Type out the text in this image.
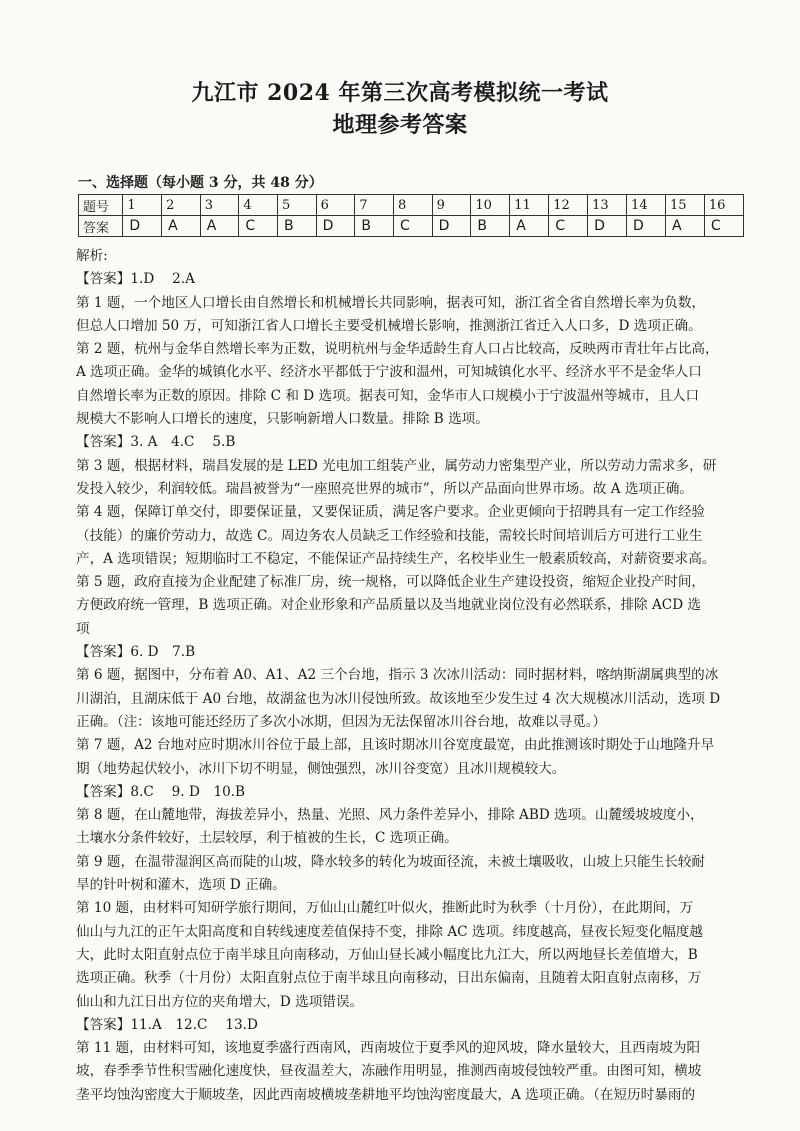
九江市 2024 年第三次高考模拟统一考试
地理参考答案
一、选择题（每小题 3 分，共 48 分）
题号	1	2	3	4	5	6	7	8	9	10	11	12	13	14	15	16
答案	D	A	A	C	B	D	B	C	D	B	A	C	D	D	A	C

解析:

【答案】1.D　 2.A

第 1 题，一个地区人口增长由自然增长和机械增长共同影响，据表可知，浙江省全省自然增长率为负数，

但总人口增加 50 万，可知浙江省人口增长主要受机械增长影响，推测浙江省迁入人口多，D 选项正确。

第 2 题，杭州与金华自然增长率为正数，说明杭州与金华适龄生育人口占比较高，反映两市青壮年占比高，

A 选项正确。金华的城镇化水平、经济水平都低于宁波和温州，可知城镇化水平、经济水平不是金华人口

自然增长率为正数的原因。排除 C 和 D 选项。据表可知，金华市人口规模小于宁波温州等城市，且人口

规模大不影响人口增长的速度，只影响新增人口数量。排除 B 选项。

【答案】3. A　4.C　 5.B

第 3 题，根据材料，瑞昌发展的是 LED 光电加工组装产业，属劳动力密集型产业，所以劳动力需求多，研

发投入较少，利润较低。瑞昌被誉为“一座照亮世界的城市”，所以产品面向世界市场。故 A 选项正确。

第 4 题，保障订单交付，即要保证量，又要保证质，满足客户要求。企业更倾向于招聘具有一定工作经验

（技能）的廉价劳动力，故选 C。周边务农人员缺乏工作经验和技能，需较长时间培训后方可进行工业生

产，A 选项错误；短期临时工不稳定，不能保证产品持续生产，名校毕业生一般素质较高，对薪资要求高。

第 5 题，政府直接为企业配建了标准厂房，统一规格，可以降低企业生产建设投资，缩短企业投产时间，

方便政府统一管理，B 选项正确。对企业形象和产品质量以及当地就业岗位没有必然联系，排除 ACD 选

项

【答案】6. D　7.B

第 6 题，据图中，分布着 A0、A1、A2 三个台地，指示 3 次冰川活动：同时据材料，喀纳斯湖属典型的冰

川湖泊，且湖床低于 A0 台地，故湖盆也为冰川侵蚀所致。故该地至少发生过 4 次大规模冰川活动，选项 D

正确。（注：该地可能还经历了多次小冰期，但因为无法保留冰川谷台地，故难以寻觅。）

第 7 题，A2 台地对应时期冰川谷位于最上部，且该时期冰川谷宽度最宽，由此推测该时期处于山地隆升早

期（地势起伏较小，冰川下切不明显，侧蚀强烈，冰川谷变宽）且冰川规模较大。

【答案】8.C　 9. D　10.B

第 8 题，在山麓地带，海拔差异小，热量、光照、风力条件差异小，排除 ABD 选项。山麓缓坡坡度小，

土壤水分条件较好，土层较厚，利于植被的生长，C 选项正确。

第 9 题，在温带湿润区高而陡的山坡，降水较多的转化为坡面径流，未被土壤吸收，山坡上只能生长较耐

旱的针叶树和灌木，选项 D 正确。

第 10 题，由材料可知研学旅行期间，万仙山山麓红叶似火，推断此时为秋季（十月份），在此期间，万

仙山与九江的正午太阳高度和自转线速度差值保持不变，排除 AC 选项。纬度越高，昼夜长短变化幅度越

大，此时太阳直射点位于南半球且向南移动，万仙山昼长减小幅度比九江大，所以两地昼长差值增大，B

选项正确。秋季（十月份）太阳直射点位于南半球且向南移动，日出东偏南，且随着太阳直射点南移，万

仙山和九江日出方位的夹角增大，D 选项错误。

【答案】11.A　12.C　 13.D

第 11 题，由材料可知，该地夏季盛行西南风，西南坡位于夏季风的迎风坡，降水量较大，且西南坡为阳

坡，春季季节性积雪融化速度快，昼夜温差大，冻融作用明显，推测西南坡侵蚀较严重。由图可知，横坡

垄平均蚀沟密度大于顺坡垄，因此西南坡横坡垄耕地平均蚀沟密度最大，A 选项正确。（在短历时暴雨的
